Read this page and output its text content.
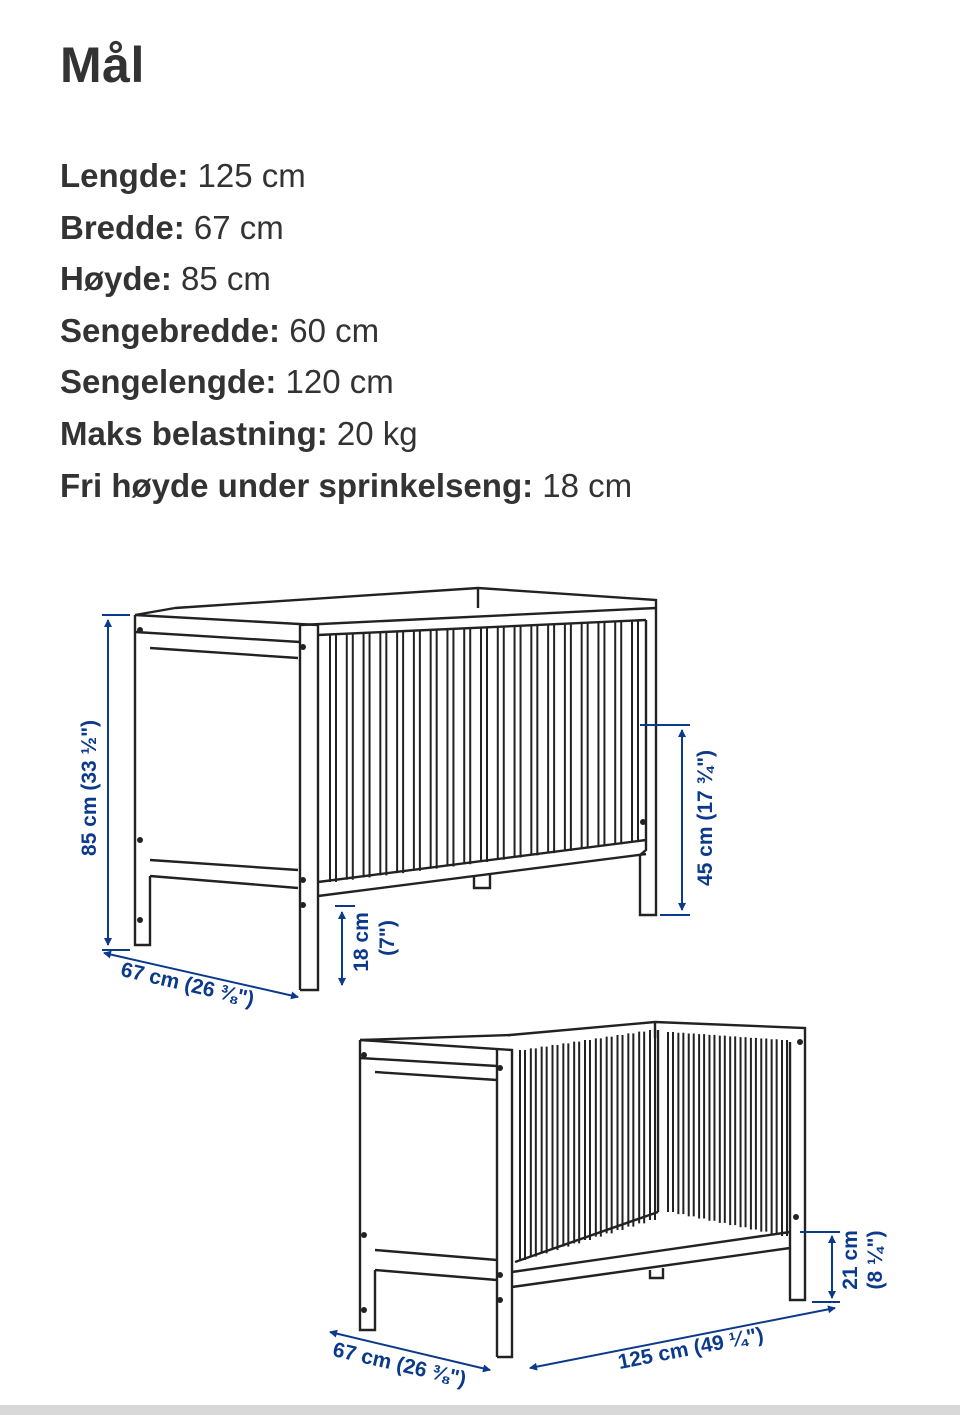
Mål
Lengde: 125 cm
Bredde: 67 cm
Høyde: 85 cm
Sengebredde: 60 cm
Sengelengde: 120 cm
Maks belastning: 20 kg
Fri høyde under sprinkelseng: 18 cm
85 cm (33 ½")	45 cm (17 ¾")
18 cm (7")
67 cm (26 ⅜")
21 cm (8 ¼")
67 cm (26 ⅜")	125 cm (49 ¼")
